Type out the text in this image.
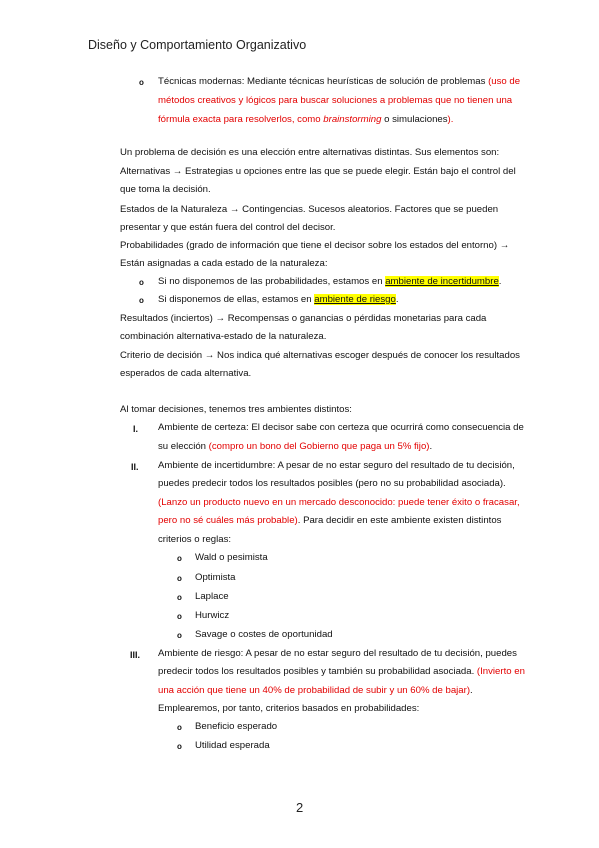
Diseño y Comportamiento Organizativo
o Técnicas modernas: Mediante técnicas heurísticas de solución de problemas (uso de
métodos creativos y lógicos para buscar soluciones a problemas que no tienen una
fórmula exacta para resolverlos, como brainstorming o simulaciones).
Un problema de decisión es una elección entre alternativas distintas. Sus elementos son:
Alternativas → Estrategias u opciones entre las que se puede elegir. Están bajo el control del
que toma la decisión.
Estados de la Naturaleza → Contingencias. Sucesos aleatorios. Factores que se pueden
presentar y que están fuera del control del decisor.
Probabilidades (grado de información que tiene el decisor sobre los estados del entorno) →
Están asignadas a cada estado de la naturaleza:
o Si no disponemos de las probabilidades, estamos en ambiente de incertidumbre.
o Si disponemos de ellas, estamos en ambiente de riesgo.
Resultados (inciertos) → Recompensas o ganancias o pérdidas monetarias para cada
combinación alternativa-estado de la naturaleza.
Criterio de decisión → Nos indica qué alternativas escoger después de conocer los resultados
esperados de cada alternativa.
Al tomar decisiones, tenemos tres ambientes distintos:
I. Ambiente de certeza: El decisor sabe con certeza que ocurrirá como consecuencia de
su elección (compro un bono del Gobierno que paga un 5% fijo).
II. Ambiente de incertidumbre: A pesar de no estar seguro del resultado de tu decisión,
puedes predecir todos los resultados posibles (pero no su probabilidad asociada).
(Lanzo un producto nuevo en un mercado desconocido: puede tener éxito o fracasar,
pero no sé cuáles más probable). Para decidir en este ambiente existen distintos
criterios o reglas:
o Wald o pesimista
o Optimista
o Laplace
o Hurwicz
o Savage o costes de oportunidad
III. Ambiente de riesgo: A pesar de no estar seguro del resultado de tu decisión, puedes
predecir todos los resultados posibles y también su probabilidad asociada. (Invierto en
una acción que tiene un 40% de probabilidad de subir y un 60% de bajar).
Emplearemos, por tanto, criterios basados en probabilidades:
o Beneficio esperado
o Utilidad esperada
2
